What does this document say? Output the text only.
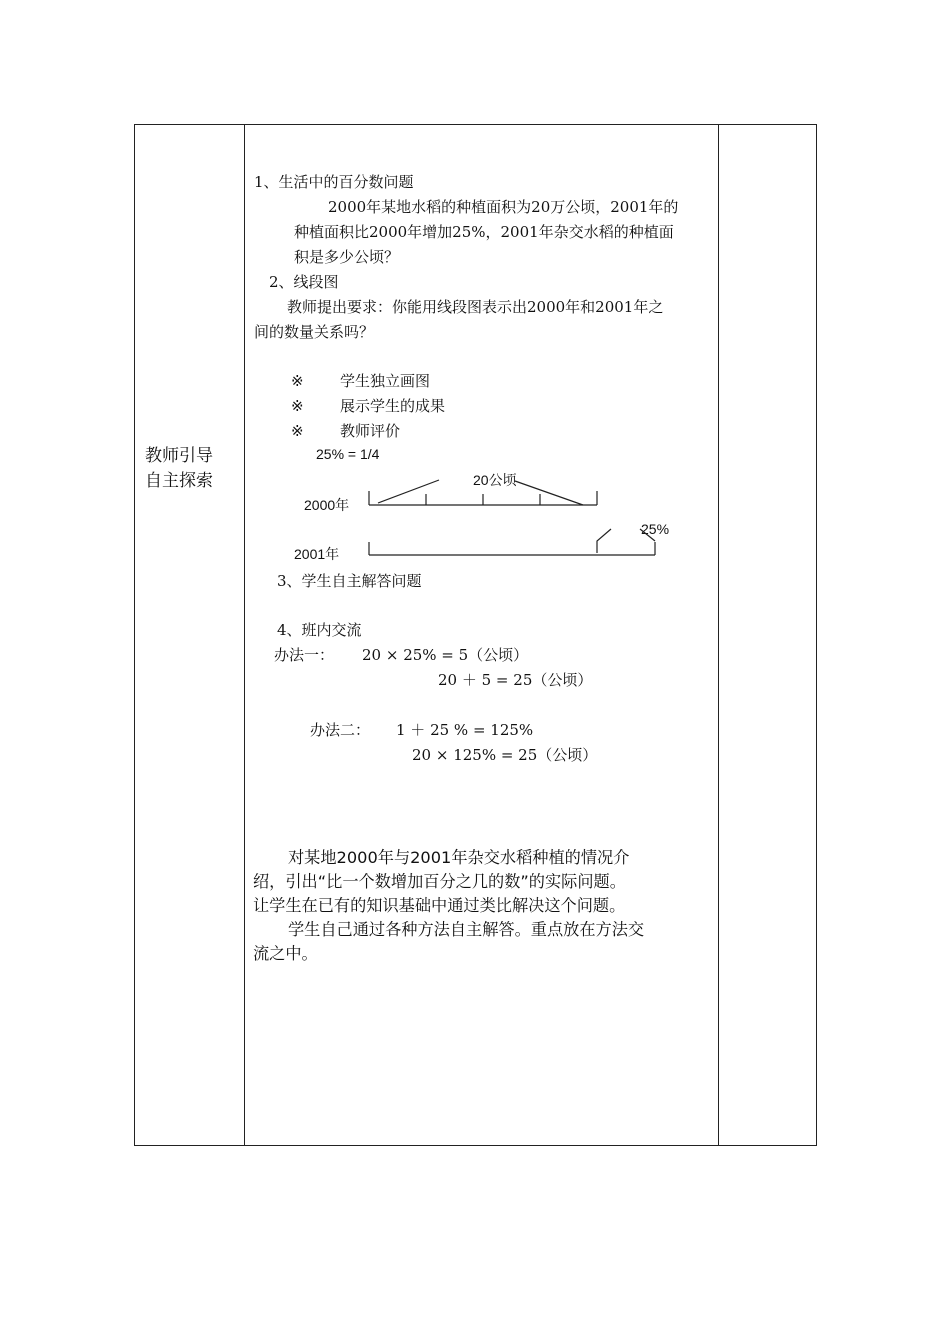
教师引导
自主探索
1、生活中的百分数问题
2000年某地水稻的种植面积为20万公顷，2001年的
种植面积比2000年增加25%，2001年杂交水稻的种植面
积是多少公顷？
2、线段图
教师提出要求：你能用线段图表示出2000年和2001年之
间的数量关系吗？
※ 学生独立画图
※ 展示学生的成果
※ 教师评价
25% = 1/4
20公顷
2000年
25%
2001年
3、学生自主解答问题
4、班内交流
办法一： 20 × 25% = 5（公顷）
20 ＋ 5 = 25（公顷）
办法二： 1 ＋ 25 % = 125%
20 × 125% = 25（公顷）
对某地2000年与2001年杂交水稻种植的情况介
绍，引出“比一个数增加百分之几的数”的实际问题。
让学生在已有的知识基础中通过类比解决这个问题。
学生自己通过各种方法自主解答。重点放在方法交
流之中。
